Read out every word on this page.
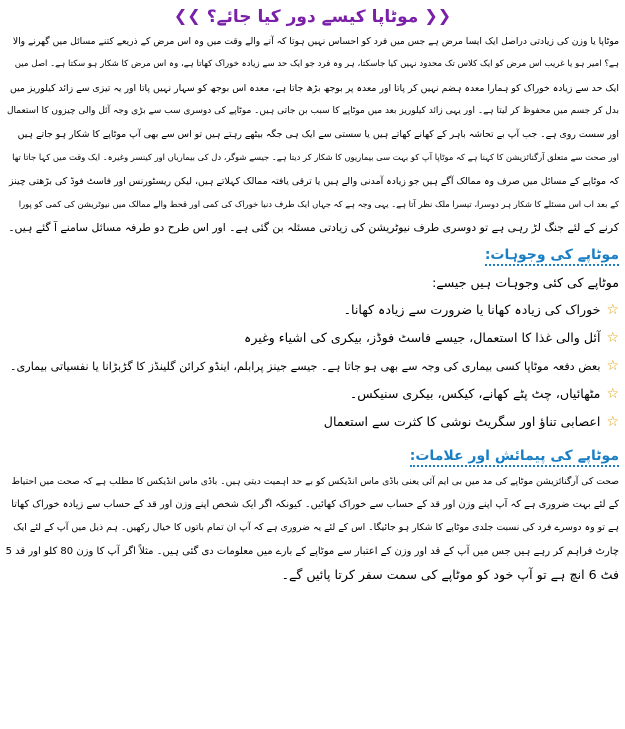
❮❮
موٹاپا کیسے دور کیا جائے؟
❯❯
موٹاپا یا وزن کی زیادتی دراصل ایک ایسا مرض ہے جس میں فرد کو احساس نہیں ہوتا کہ آنے والے وقت میں وہ اس مرض کے ذریعے کتنے مسائل میں گھرنے والا
ہے؟ امیر ہو یا غریب اس مرض کو ایک کلاس تک محدود نہیں کیا جاسکتا، ہر وہ فرد جو ایک حد سے زیادہ خوراک کھاتا ہے، وہ اس مرض کا شکار ہو سکتا ہے۔ اصل میں
ایک حد سے زیادہ خوراک کو ہمارا معدہ ہضم نہیں کر پاتا اور معدہ پر بوجھ بڑھ جاتا ہے، معدہ اس بوجھ کو سہار نہیں پاتا اور یہ تیزی سے زائد کیلوریز میں
بدل کر جسم میں محفوظ کر لیتا ہے۔ اور یہی زائد کیلوریز بعد میں موٹاپے کا سبب بن جاتی ہیں۔ موٹاپے کی دوسری سب سے بڑی وجہ آئل والی چیزوں کا استعمال
اور سست روی ہے۔ جب آپ بے تحاشہ باہر کے کھانے کھاتے ہیں یا سستی سے ایک ہی جگہ بیٹھے رہتے ہیں تو اس سے بھی آپ موٹاپے کا شکار ہو جاتے ہیں
اور صحت سے متعلق آرگنائزیشن کا کہنا ہے کہ موٹاپا آپ کو بہت سی بیماریوں کا شکار کر دیتا ہے۔ جیسے شوگر، دل کی بیماریاں اور کینسر وغیرہ۔ ایک وقت میں کہا جاتا تھا
کہ موٹاپے کے مسائل میں صرف وہ ممالک آگے ہیں جو زیادہ آمدنی والے ہیں یا ترقی یافتہ ممالک کہلاتے ہیں، لیکن ریسٹورنس اور فاسٹ فوڈ کی بڑھتی چینز
کے بعد اب اس مسئلے کا شکار ہر دوسرا، تیسرا ملک نظر آتا ہے۔ یہی وجہ ہے کہ جہاں ایک طرف دنیا خوراک کی کمی اور قحط والے ممالک میں نیوٹریشن کی کمی کو پورا
کرنے کے لئے جنگ لڑ رہی ہے تو دوسری طرف نیوٹریشن کی زیادتی مسئلہ بن گئی ہے۔ اور اس طرح دو طرفہ مسائل سامنے آ گئے ہیں۔
موٹاپے کی وجوہات:
موٹاپے کی کئی وجوہات ہیں جیسے:
☆خوراک کی زیادہ کھانا یا ضرورت سے زیادہ کھانا۔
☆آئل والی غذا کا استعمال، جیسے فاسٹ فوڈز، بیکری کی اشیاء وغیرہ
☆بعض دفعہ موٹاپا کسی بیماری کی وجہ سے بھی ہو جاتا ہے۔ جیسے جینز پرابلم، اینڈو کرائن گلینڈز کا گڑبڑانا یا نفسیاتی بیماری۔
☆مٹھائیاں، چٹ پٹے کھانے، کیکس، بیکری سنیکس۔
☆اعصابی تناؤ اور سگریٹ نوشی کا کثرت سے استعمال
موٹاپے کی پیمائش اور علامات:
صحت کی آرگنائزیشن موٹاپے کی مد میں بی ایم آئی یعنی باڈی ماس انڈیکس کو بے حد اہمیت دیتی ہیں۔ باڈی ماس انڈیکس کا مطلب ہے کہ صحت میں احتیاط
کے لئے بہت ضروری ہے کہ آپ اپنے وزن اور قد کے حساب سے خوراک کھائیں۔ کیونکہ اگر ایک شخص اپنے وزن اور قد کے حساب سے زیادہ خوراک کھاتا
ہے تو وہ دوسرے فرد کی نسبت جلدی موٹاپے کا شکار ہو جائیگا۔ اس کے لئے یہ ضروری ہے کہ آپ ان تمام باتوں کا خیال رکھیں۔ ہم ذیل میں آپ کے لئے ایک
چارٹ فراہم کر رہے ہیں جس میں آپ کے قد اور وزن کے اعتبار سے موٹاپے کے بارے میں معلومات دی گئی ہیں۔ مثلاً اگر آپ کا وزن 80 کلو اور قد 5
فٹ 6 انچ ہے تو آپ خود کو موٹاپے کی سمت سفر کرتا پائیں گے۔
